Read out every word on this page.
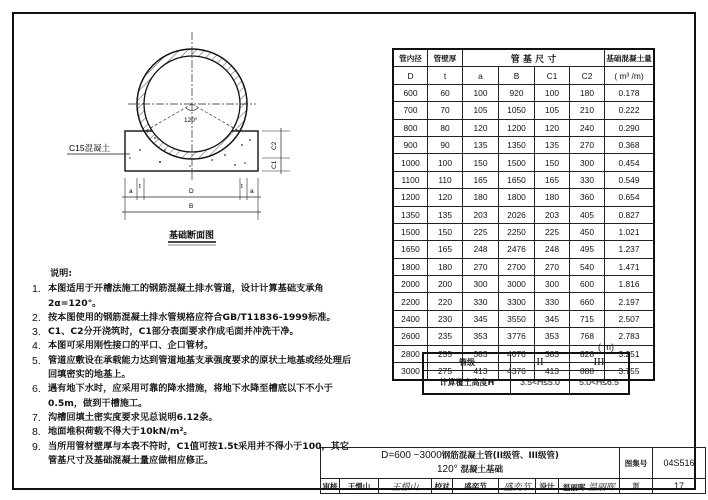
120°
C15混凝土	C2
C1
a
t
D
t
a
B
基础断面图
说明:
1. 本图适用于开槽法施工的钢筋混凝土排水管道，设计计算基础支承角2α=120°。
2. 按本图使用的钢筋混凝土排水管规格应符合GB/T11836-1999标准。
3. C1、C2分开浇筑时，C1部分表面要求作成毛面并冲洗干净。
4. 本图可采用刚性接口的平口、企口管材。
5. 管道应敷设在承载能力达到管道地基支承强度要求的原状土地基或经处理后回填密实的地基上。
6. 遇有地下水时，应采用可靠的降水措施，将地下水降至槽底以下不小于0.5m，做到干槽施工。
7. 沟槽回填土密实度要求见总说明6.12条。
8. 地面堆积荷载不得大于10kN/m²。
9. 当所用管材壁厚与本表不符时，C1值可按1.5t采用并不得小于100，其它管基尺寸及基础混凝土量应做相应修正。
管内径	管壁厚	管 基 尺 寸				基础混凝土量
D	t	a	B	C1	C2	( m³ /m)
600	60	100	920	100	180	0.178
700	70	105	1050	105	210	0.222
800	80	120	1200	120	240	0.290
900	90	135	1350	135	270	0.368
1000	100	150	1500	150	300	0.454
1100	110	165	1650	165	330	0.549
1200	120	180	1800	180	360	0.654
1350	135	203	2026	203	405	0.827
1500	150	225	2250	225	450	1.021
1650	165	248	2476	248	495	1.237
1800	180	270	2700	270	540	1.471
2000	200	300	3000	300	600	1.816
2200	220	330	3300	330	660	2.197
2400	230	345	3550	345	715	2.507
2600	235	353	3776	353	768	2.783
2800	255	383	4076	383	828	3.251
3000	275	413	4376	413	888	3.755
( m)
管级	II	III
计算覆土高度H	3.5<H≤5.0	5.0<H≤6.5
D=600 ~3000钢筋混凝土管(II级管、III级管)
120° 混凝土基础								图集号	04S516
审核	王憬山	王憬山	校对	盛奕节	盛奕节	设计	温丽晖 温丽晖	页	17
